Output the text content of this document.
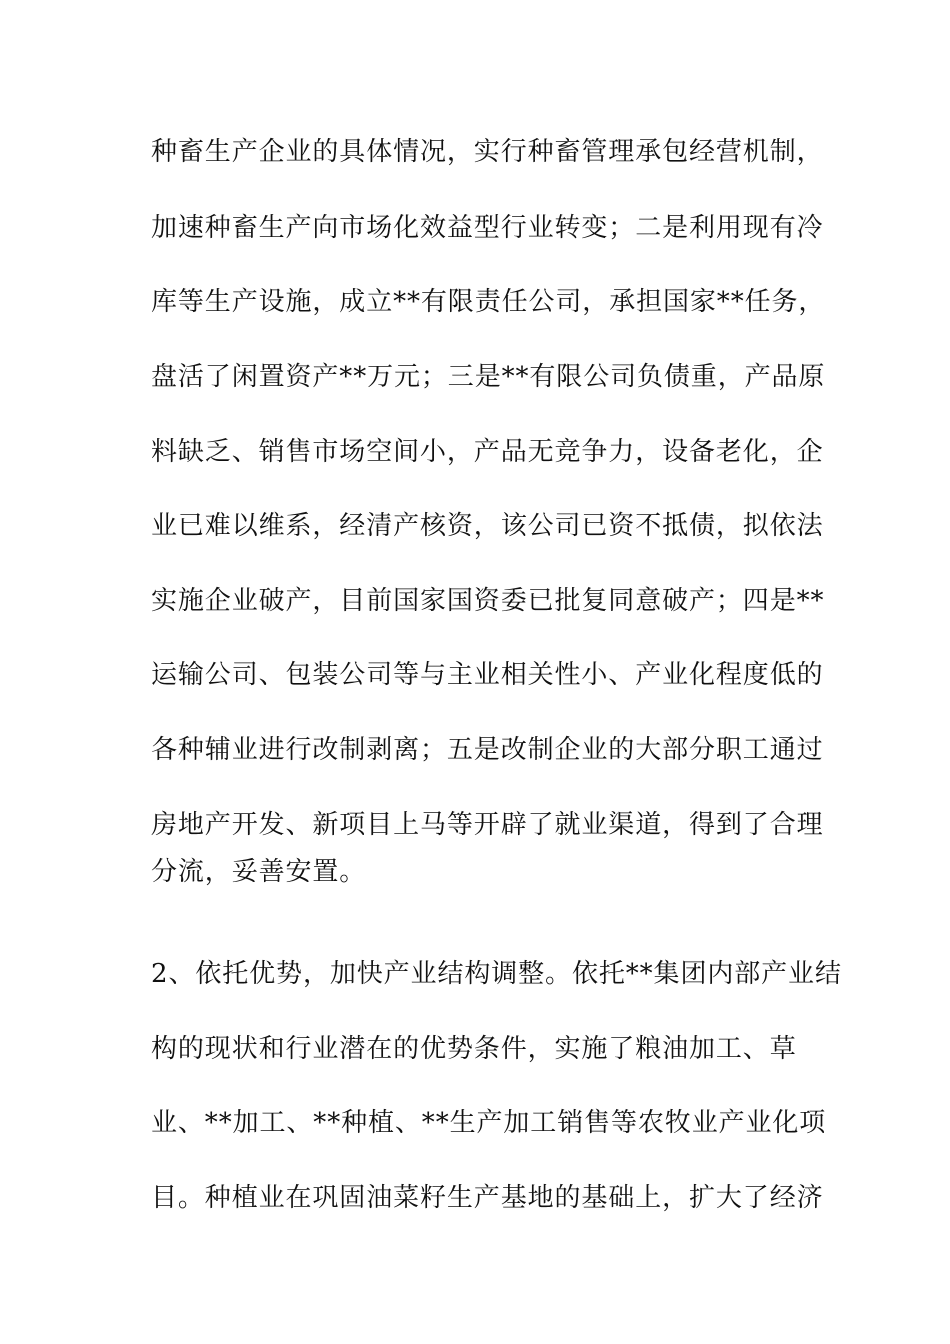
种畜生产企业的具体情况，实行种畜管理承包经营机制，
加速种畜生产向市场化效益型行业转变；二是利用现有冷
库等生产设施，成立**有限责任公司，承担国家**任务，
盘活了闲置资产**万元；三是**有限公司负债重，产品原
料缺乏、销售市场空间小，产品无竞争力，设备老化，企
业已难以维系，经清产核资，该公司已资不抵债，拟依法
实施企业破产，目前国家国资委已批复同意破产；四是**
运输公司、包装公司等与主业相关性小、产业化程度低的
各种辅业进行改制剥离；五是改制企业的大部分职工通过
房地产开发、新项目上马等开辟了就业渠道，得到了合理
分流，妥善安置。
2、依托优势，加快产业结构调整。依托**集团内部产业结
构的现状和行业潜在的优势条件，实施了粮油加工、草
业、**加工、**种植、**生产加工销售等农牧业产业化项
目。种植业在巩固油菜籽生产基地的基础上，扩大了经济
